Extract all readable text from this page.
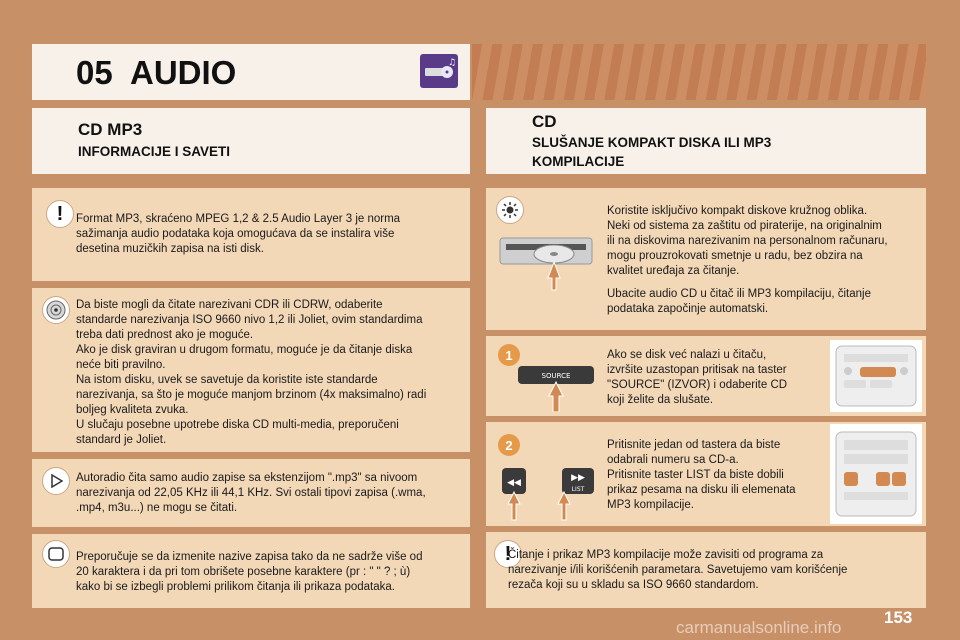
05 AUDIO	♫
CD MP3
INFORMACIJE I SAVETI
CD
SLUŠANJE KOMPAKT DISKA ILI MP3
KOMPILACIJE
!	Format MP3, skraćeno MPEG 1,2 & 2.5 Audio Layer 3 je norma
sažimanja audio podataka koja omogućava da se instalira više
desetina muzičkih zapisa na isti disk.
Da biste mogli da čitate narezivani CDR ili CDRW, odaberite
standarde narezivanja ISO 9660 nivo 1,2 ili Joliet, ovim standardima
treba dati prednost ako je moguće.
Ako je disk graviran u drugom formatu, moguće je da čitanje diska
neće biti pravilno.
Na istom disku, uvek se savetuje da koristite iste standarde
narezivanja, sa što je moguće manjom brzinom (4x maksimalno) radi
boljeg kvaliteta zvuka.
U slučaju posebne upotrebe diska CD multi-media, preporučeni
standard je Joliet.
Autoradio čita samo audio zapise sa ekstenzijom ".mp3" sa nivoom
narezivanja od 22,05 KHz ili 44,1 KHz. Svi ostali tipovi zapisa (.wma,
.mp4, m3u...) ne mogu se čitati.
Preporučuje se da izmenite nazive zapisa tako da ne sadrže više od
20 karaktera i da pri tom obrišete posebne karaktere (pr : " " ? ; ù)
kako bi se izbegli problemi prilikom čitanja ili prikaza podataka.
Koristite isključivo kompakt diskove kružnog oblika.
Neki od sistema za zaštitu od piraterije, na originalnim
ili na diskovima narezivanim na personalnom računaru,
mogu prouzrokovati smetnje u radu, bez obzira na
kvalitet uređaja za čitanje.
Ubacite audio CD u čitač ili MP3 kompilaciju, čitanje
podataka započinje automatski.
1
SOURCE
Ako se disk već nalazi u čitaču,
izvršite uzastopan pritisak na taster
"SOURCE" (IZVOR) i odaberite CD
koji želite da slušate.
2
◀◀	▶▶
LIST
Pritisnite jedan od tastera da biste
odabrali numeru sa CD-a.
Pritisnite taster LIST da biste dobili
prikaz pesama na disku ili elemenata
MP3 kompilacije.
!
Čitanje i prikaz MP3 kompilacije može zavisiti od programa za
narezivanje i/ili korišćenih parametara. Savetujemo vam korišćenje
rezača koji su u skladu sa ISO 9660 standardom.
153
carmanualsonline.info
